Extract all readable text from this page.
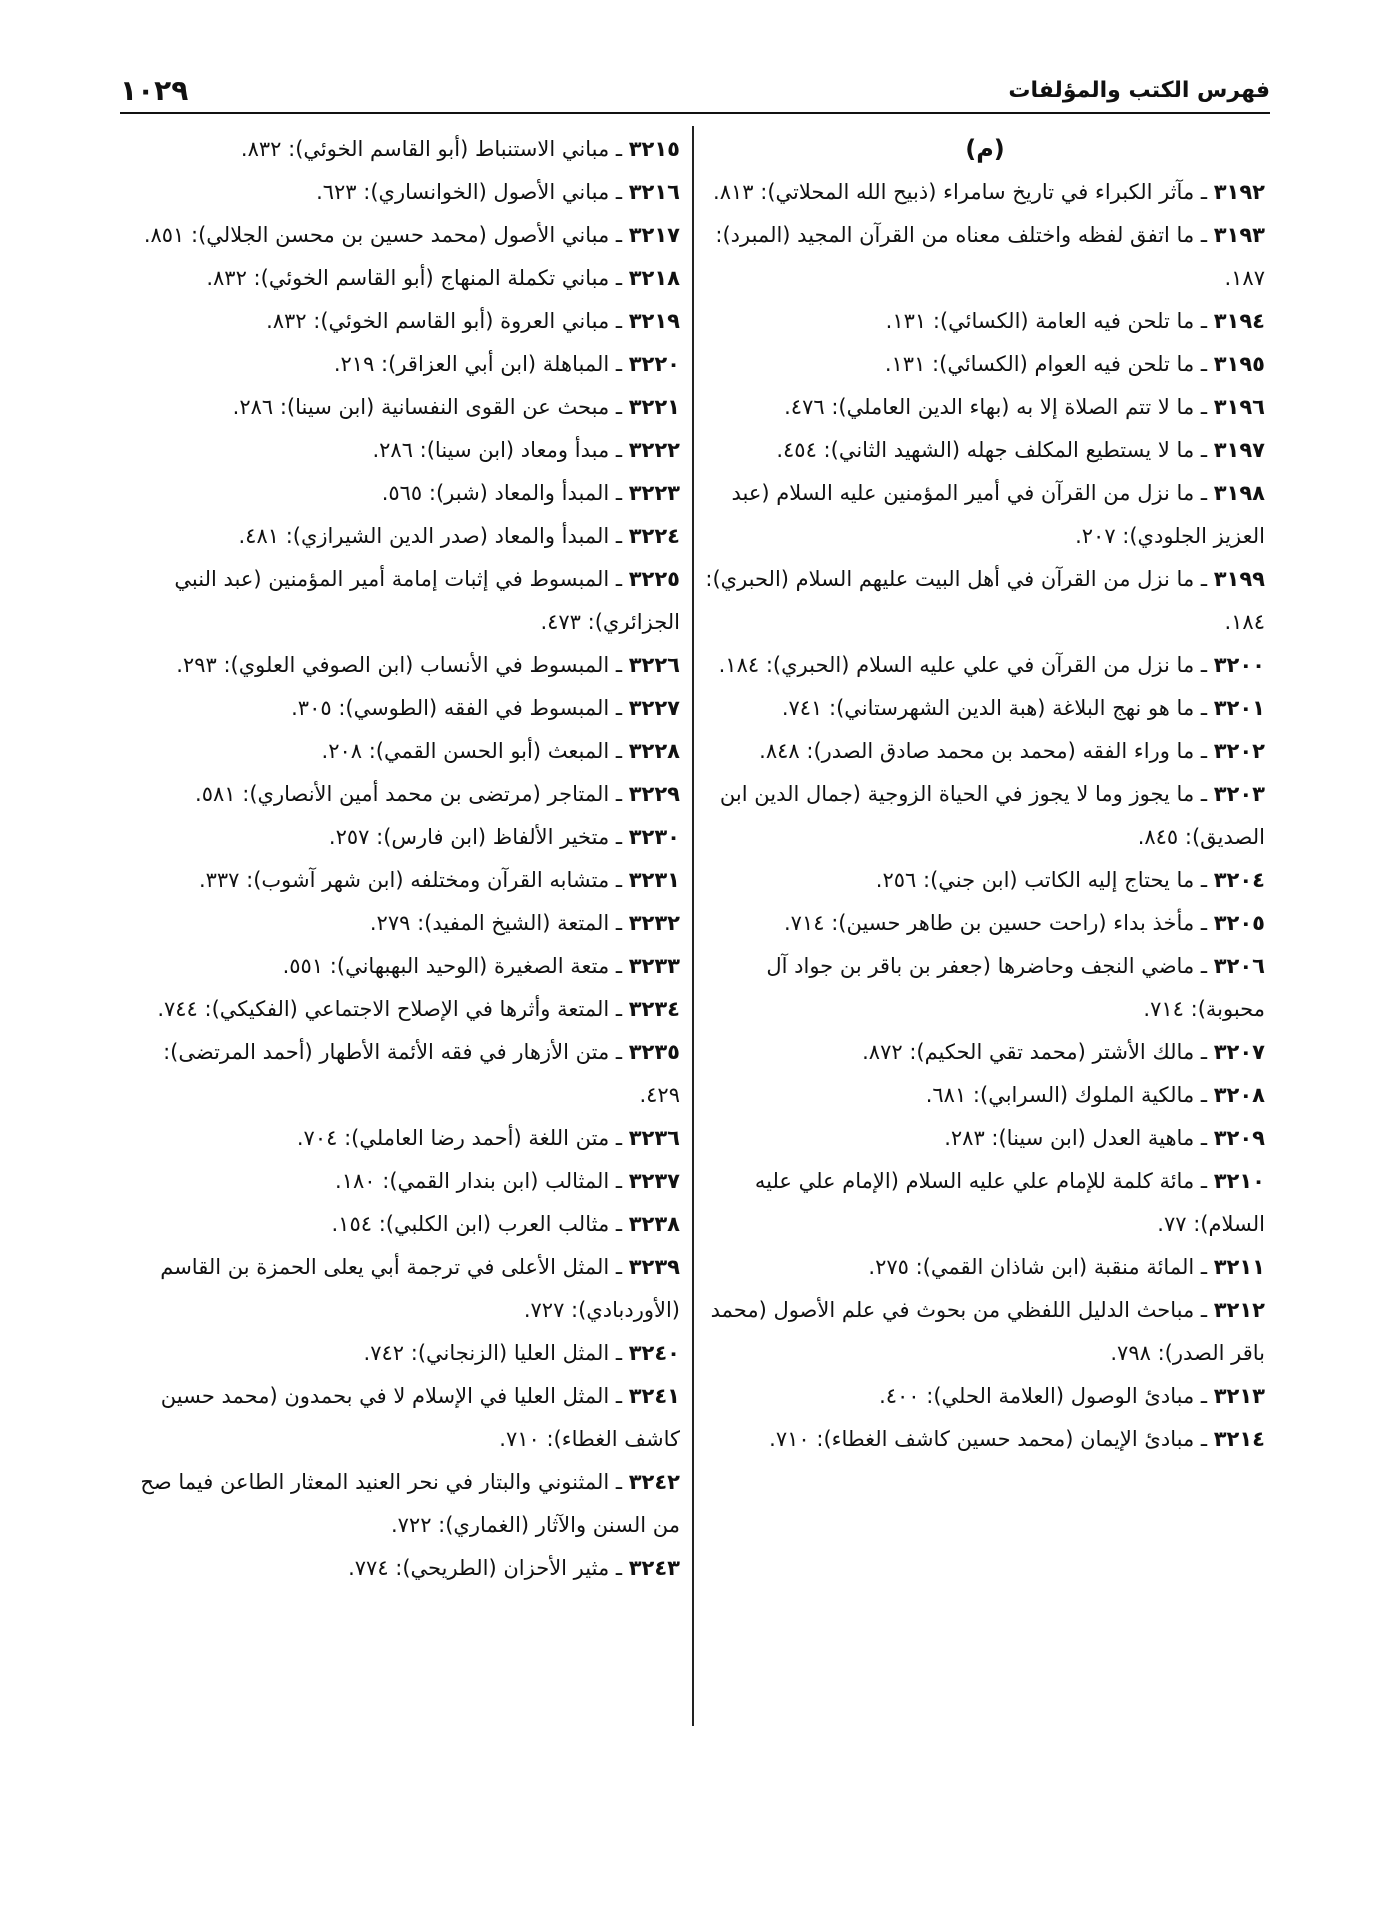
فهرس الكتب والمؤلفات
١٠٢٩
(م)

٣١٩٢ ـ مآثر الكبراء في تاريخ سامراء (ذبيح الله المحلاتي): ٨١٣.

٣١٩٣ ـ ما اتفق لفظه واختلف معناه من القرآن المجيد (المبرد): ١٨٧.

٣١٩٤ ـ ما تلحن فيه العامة (الكسائي): ١٣١.

٣١٩٥ ـ ما تلحن فيه العوام (الكسائي): ١٣١.

٣١٩٦ ـ ما لا تتم الصلاة إلا به (بهاء الدين العاملي): ٤٧٦.

٣١٩٧ ـ ما لا يستطيع المكلف جهله (الشهيد الثاني): ٤٥٤.

٣١٩٨ ـ ما نزل من القرآن في أمير المؤمنين عليه السلام (عبد العزيز الجلودي): ٢٠٧.

٣١٩٩ ـ ما نزل من القرآن في أهل البيت عليهم السلام (الحبري): ١٨٤.

٣٢٠٠ ـ ما نزل من القرآن في علي عليه السلام (الحبري): ١٨٤.

٣٢٠١ ـ ما هو نهج البلاغة (هبة الدين الشهرستاني): ٧٤١.

٣٢٠٢ ـ ما وراء الفقه (محمد بن محمد صادق الصدر): ٨٤٨.

٣٢٠٣ ـ ما يجوز وما لا يجوز في الحياة الزوجية (جمال الدين ابن الصديق): ٨٤٥.

٣٢٠٤ ـ ما يحتاج إليه الكاتب (ابن جني): ٢٥٦.

٣٢٠٥ ـ مأخذ بداء (راحت حسين بن طاهر حسين): ٧١٤.

٣٢٠٦ ـ ماضي النجف وحاضرها (جعفر بن باقر بن جواد آل محبوبة): ٧١٤.

٣٢٠٧ ـ مالك الأشتر (محمد تقي الحكيم): ٨٧٢.

٣٢٠٨ ـ مالكية الملوك (السرابي): ٦٨١.

٣٢٠٩ ـ ماهية العدل (ابن سينا): ٢٨٣.

٣٢١٠ ـ مائة كلمة للإمام علي عليه السلام (الإمام علي عليه السلام): ٧٧.

٣٢١١ ـ المائة منقبة (ابن شاذان القمي): ٢٧٥.

٣٢١٢ ـ مباحث الدليل اللفظي من بحوث في علم الأصول (محمد باقر الصدر): ٧٩٨.

٣٢١٣ ـ مبادئ الوصول (العلامة الحلي): ٤٠٠.

٣٢١٤ ـ مبادئ الإيمان (محمد حسين كاشف الغطاء): ٧١٠.

٣٢١٥ ـ مباني الاستنباط (أبو القاسم الخوئي): ٨٣٢.

٣٢١٦ ـ مباني الأصول (الخوانساري): ٦٢٣.

٣٢١٧ ـ مباني الأصول (محمد حسين بن محسن الجلالي): ٨٥١.

٣٢١٨ ـ مباني تكملة المنهاج (أبو القاسم الخوئي): ٨٣٢.

٣٢١٩ ـ مباني العروة (أبو القاسم الخوئي): ٨٣٢.

٣٢٢٠ ـ المباهلة (ابن أبي العزاقر): ٢١٩.

٣٢٢١ ـ مبحث عن القوى النفسانية (ابن سينا): ٢٨٦.

٣٢٢٢ ـ مبدأ ومعاد (ابن سينا): ٢٨٦.

٣٢٢٣ ـ المبدأ والمعاد (شبر): ٥٦٥.

٣٢٢٤ ـ المبدأ والمعاد (صدر الدين الشيرازي): ٤٨١.

٣٢٢٥ ـ المبسوط في إثبات إمامة أمير المؤمنين (عبد النبي الجزائري): ٤٧٣.

٣٢٢٦ ـ المبسوط في الأنساب (ابن الصوفي العلوي): ٢٩٣.

٣٢٢٧ ـ المبسوط في الفقه (الطوسي): ٣٠٥.

٣٢٢٨ ـ المبعث (أبو الحسن القمي): ٢٠٨.

٣٢٢٩ ـ المتاجر (مرتضى بن محمد أمين الأنصاري): ٥٨١.

٣٢٣٠ ـ متخير الألفاظ (ابن فارس): ٢٥٧.

٣٢٣١ ـ متشابه القرآن ومختلفه (ابن شهر آشوب): ٣٣٧.

٣٢٣٢ ـ المتعة (الشيخ المفيد): ٢٧٩.

٣٢٣٣ ـ متعة الصغيرة (الوحيد البهبهاني): ٥٥١.

٣٢٣٤ ـ المتعة وأثرها في الإصلاح الاجتماعي (الفكيكي): ٧٤٤.

٣٢٣٥ ـ متن الأزهار في فقه الأئمة الأطهار (أحمد المرتضى): ٤٢٩.

٣٢٣٦ ـ متن اللغة (أحمد رضا العاملي): ٧٠٤.

٣٢٣٧ ـ المثالب (ابن بندار القمي): ١٨٠.

٣٢٣٨ ـ مثالب العرب (ابن الكلبي): ١٥٤.

٣٢٣٩ ـ المثل الأعلى في ترجمة أبي يعلى الحمزة بن القاسم (الأوردبادي): ٧٢٧.

٣٢٤٠ ـ المثل العليا (الزنجاني): ٧٤٢.

٣٢٤١ ـ المثل العليا في الإسلام لا في بحمدون (محمد حسين كاشف الغطاء): ٧١٠.

٣٢٤٢ ـ المثنوني والبتار في نحر العنيد المعثار الطاعن فيما صح من السنن والآثار (الغماري): ٧٢٢.

٣٢٤٣ ـ مثير الأحزان (الطريحي): ٧٧٤.
